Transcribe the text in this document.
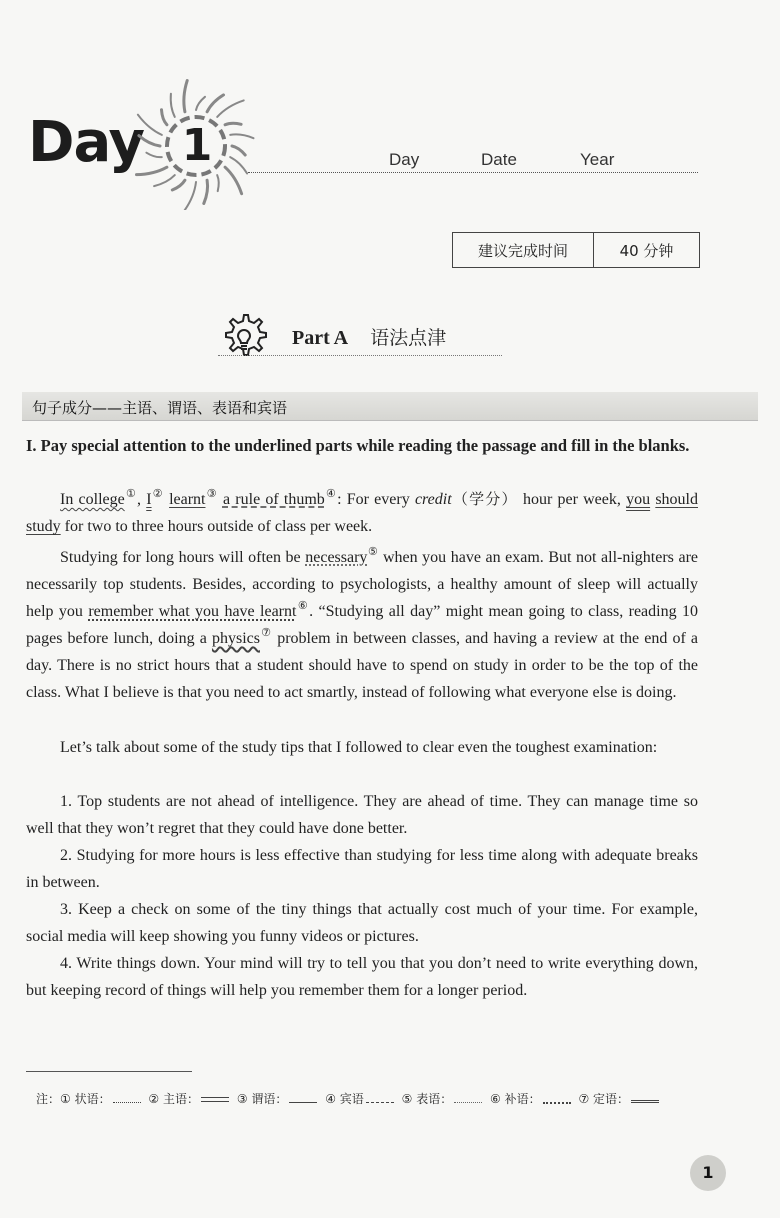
Day 1	Day	Date	Year
建议完成时间	40 分钟
Part A 语法点津
句子成分——主语、谓语、表语和宾语
I. Pay special attention to the underlined parts while reading the passage and fill in the blanks.
In college①, I② learnt③ a rule of thumb④: For every credit（学分） hour per week, you should study for two to three hours outside of class per week.
Studying for long hours will often be necessary⑤ when you have an exam. But not all-nighters are necessarily top students. Besides, according to psychologists, a healthy amount of sleep will actually help you remember what you have learnt⑥. “Studying all day” might mean going to class, reading 10 pages before lunch, doing a physics⑦ problem in between classes, and having a review at the end of a day. There is no strict hours that a student should have to spend on study in order to be the top of the class. What I believe is that you need to act smartly, instead of following what everyone else is doing.
Let’s talk about some of the study tips that I followed to clear even the toughest examination:
1. Top students are not ahead of intelligence. They are ahead of time. They can manage time so well that they won’t regret that they could have done better.
2. Studying for more hours is less effective than studying for less time along with adequate breaks in between.
3. Keep a check on some of the tiny things that actually cost much of your time. For example, social media will keep showing you funny videos or pictures.
4. Write things down. Your mind will try to tell you that you don’t need to write everything down, but keeping record of things will help you remember them for a longer period.
注：① 状语：	② 主语：	③ 谓语：	④ 宾语	⑤ 表语：	⑥ 补语：	⑦ 定语：
1
